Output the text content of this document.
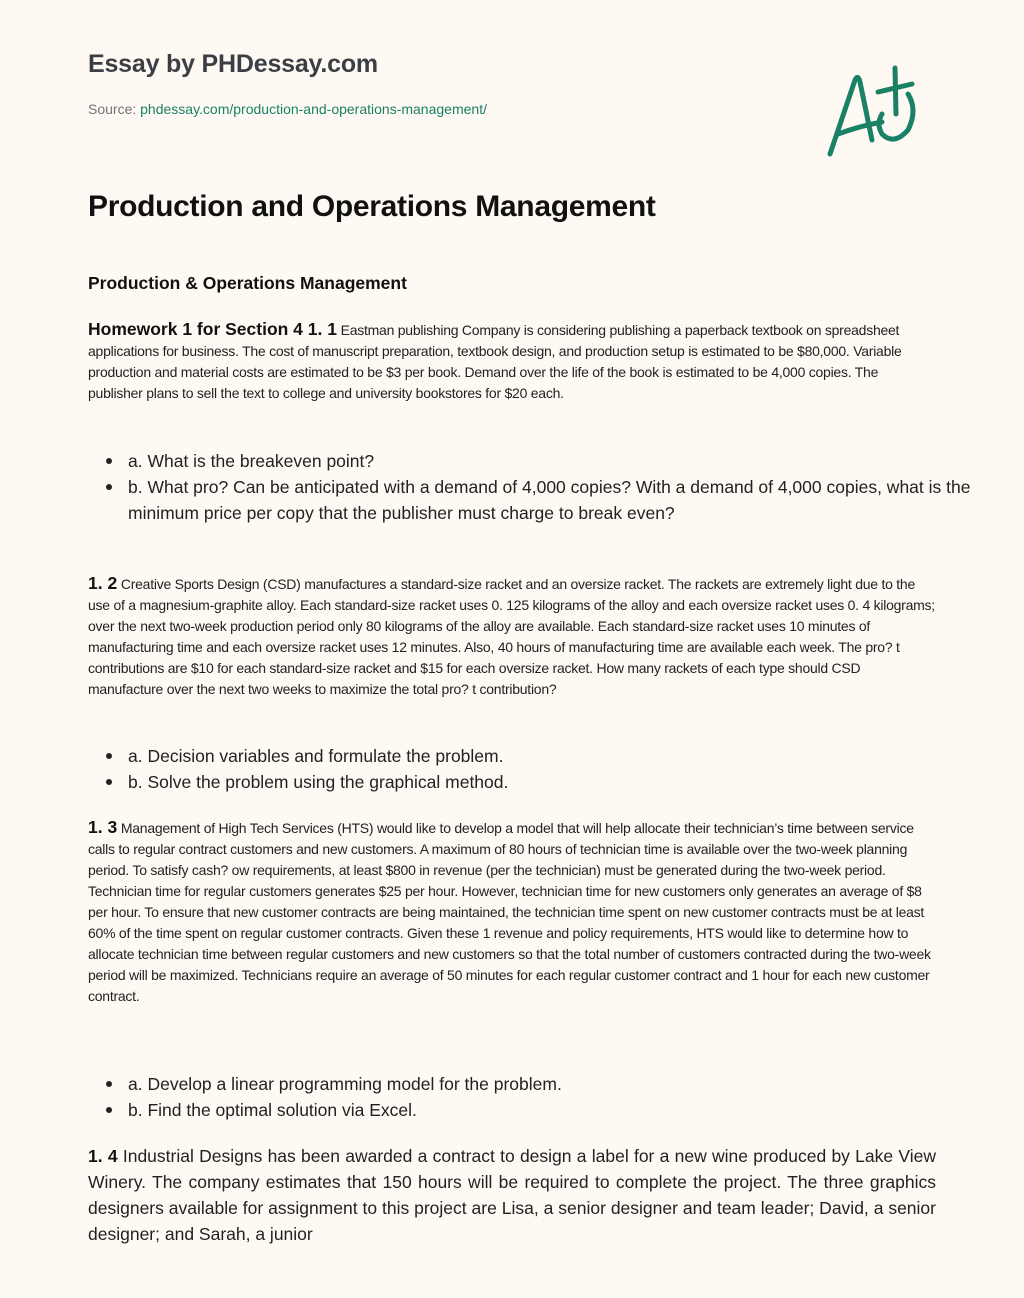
Essay by PHDessay.com
Source: phdessay.com/production-and-operations-management/
Production and Operations Management
Production & Operations Management

Homework 1 for Section 4 1. 1 Eastman publishing Company is considering publishing a paperback textbook on spreadsheet applications for business. The cost of manuscript preparation, textbook design, and production setup is estimated to be $80,000. Variable production and material costs are estimated to be $3 per book. Demand over the life of the book is estimated to be 4,000 copies. The publisher plans to sell the text to college and university bookstores for $20 each.

a. What is the breakeven point?
b. What pro? Can be anticipated with a demand of 4,000 copies? With a demand of 4,000 copies, what is the minimum price per copy that the publisher must charge to break even?

1. 2 Creative Sports Design (CSD) manufactures a standard-size racket and an oversize racket. The rackets are extremely light due to the use of a magnesium-graphite alloy. Each standard-size racket uses 0. 125 kilograms of the alloy and each oversize racket uses 0. 4 kilograms; over the next two-week production period only 80 kilograms of the alloy are available. Each standard-size racket uses 10 minutes of manufacturing time and each oversize racket uses 12 minutes. Also, 40 hours of manufacturing time are available each week. The pro? t contributions are $10 for each standard-size racket and $15 for each oversize racket. How many rackets of each type should CSD manufacture over the next two weeks to maximize the total pro? t contribution?

a. Decision variables and formulate the problem.
b. Solve the problem using the graphical method.

1. 3 Management of High Tech Services (HTS) would like to develop a model that will help allocate their technician’s time between service calls to regular contract customers and new customers. A maximum of 80 hours of technician time is available over the two-week planning period. To satisfy cash? ow requirements, at least $800 in revenue (per the technician) must be generated during the two-week period. Technician time for regular customers generates $25 per hour. However, technician time for new customers only generates an average of $8 per hour. To ensure that new customer contracts are being maintained, the technician time spent on new customer contracts must be at least 60% of the time spent on regular customer contracts. Given these 1 revenue and policy requirements, HTS would like to determine how to allocate technician time between regular customers and new customers so that the total number of customers contracted during the two-week period will be maximized. Technicians require an average of 50 minutes for each regular customer contract and 1 hour for each new customer contract.

a. Develop a linear programming model for the problem.
b. Find the optimal solution via Excel.

1. 4 Industrial Designs has been awarded a contract to design a label for a new wine produced by Lake View Winery. The company estimates that 150 hours will be required to complete the project. The three graphics designers available for assignment to this project are Lisa, a senior designer and team leader; David, a senior designer; and Sarah, a junior
